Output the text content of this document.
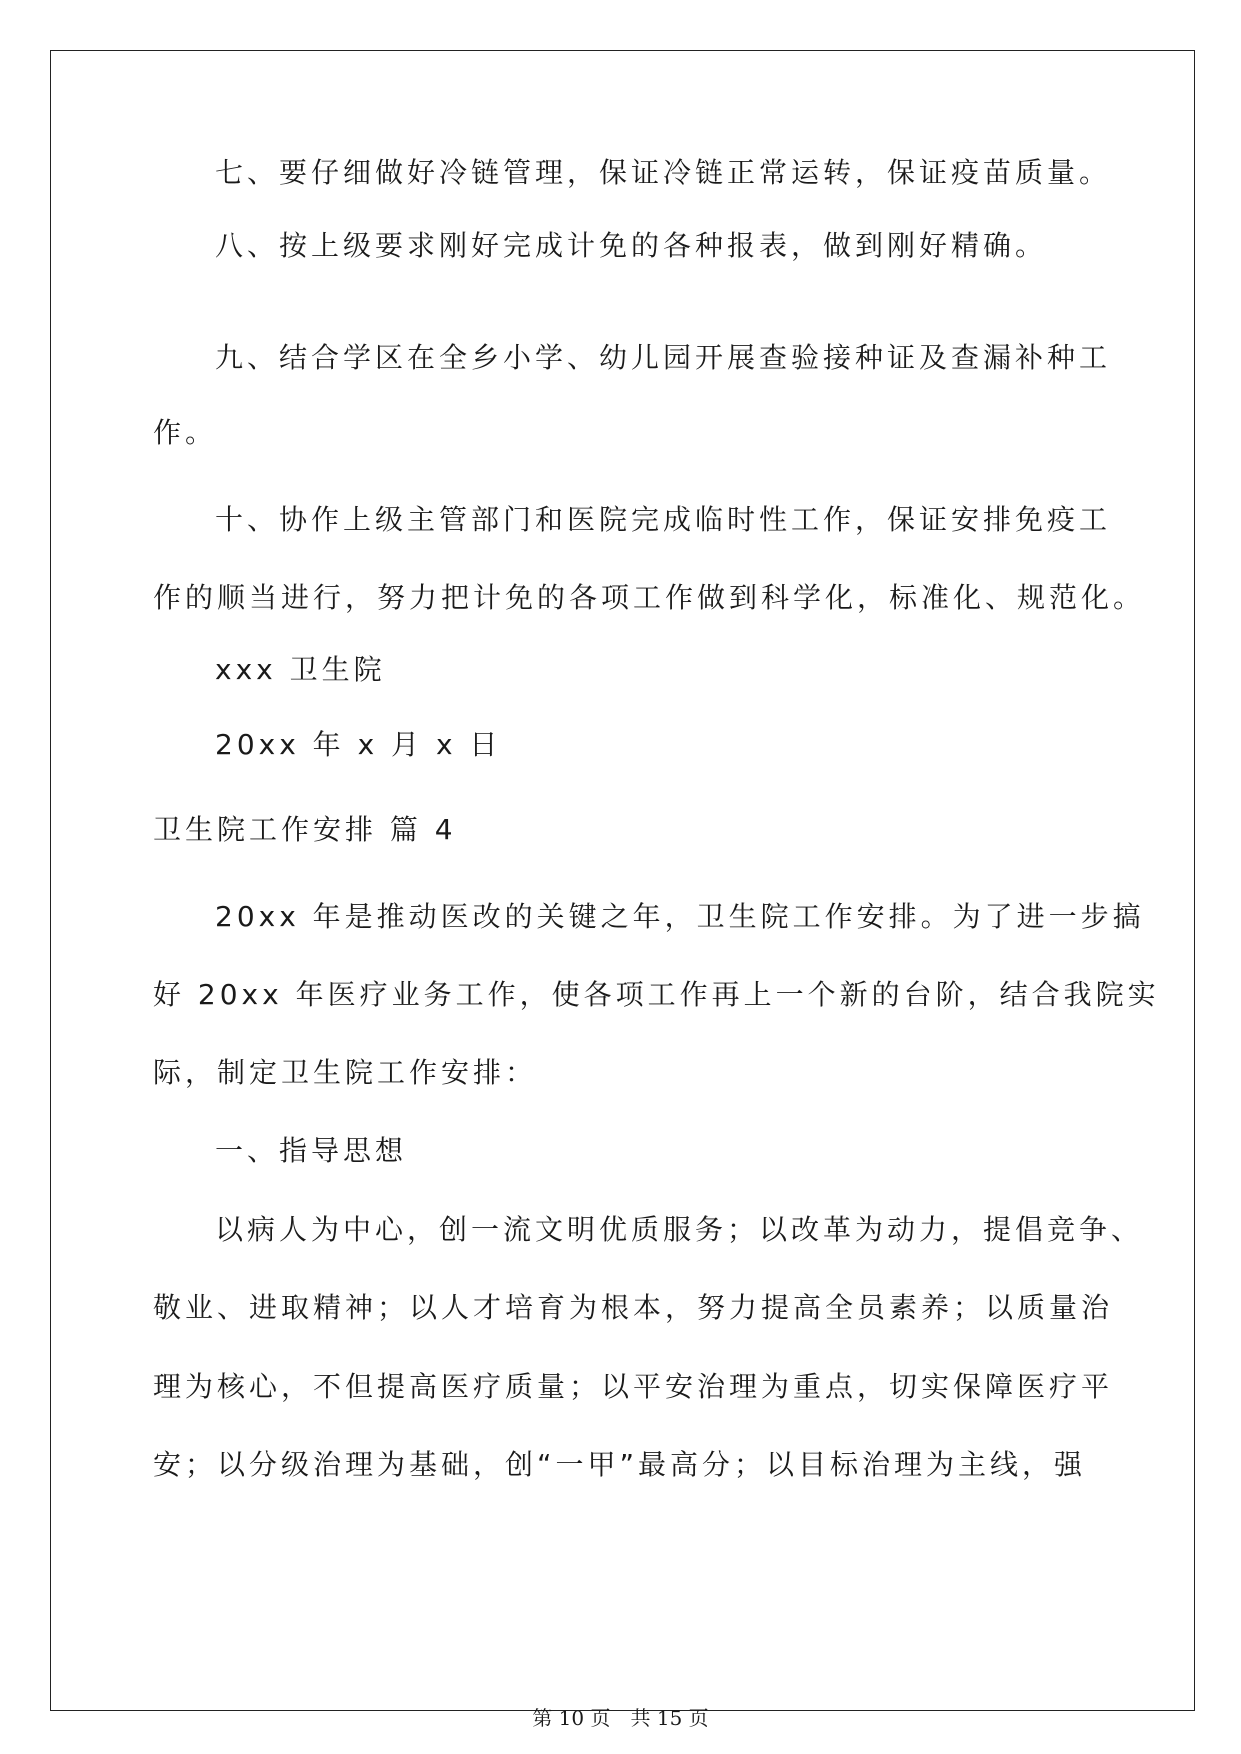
七、要仔细做好冷链管理，保证冷链正常运转，保证疫苗质量。
八、按上级要求刚好完成计免的各种报表，做到刚好精确。
九、结合学区在全乡小学、幼儿园开展查验接种证及查漏补种工
作。
十、协作上级主管部门和医院完成临时性工作，保证安排免疫工
作的顺当进行，努力把计免的各项工作做到科学化，标准化、规范化。
xxx 卫生院
20xx 年 x 月 x 日
卫生院工作安排 篇 4
20xx 年是推动医改的关键之年，卫生院工作安排。为了进一步搞
好 20xx 年医疗业务工作，使各项工作再上一个新的台阶，结合我院实
际，制定卫生院工作安排：
一、指导思想
以病人为中心，创一流文明优质服务；以改革为动力，提倡竞争、
敬业、进取精神；以人才培育为根本，努力提高全员素养；以质量治
理为核心，不但提高医疗质量；以平安治理为重点，切实保障医疗平
安；以分级治理为基础，创“一甲”最高分；以目标治理为主线，强
第 10 页　共 15 页
